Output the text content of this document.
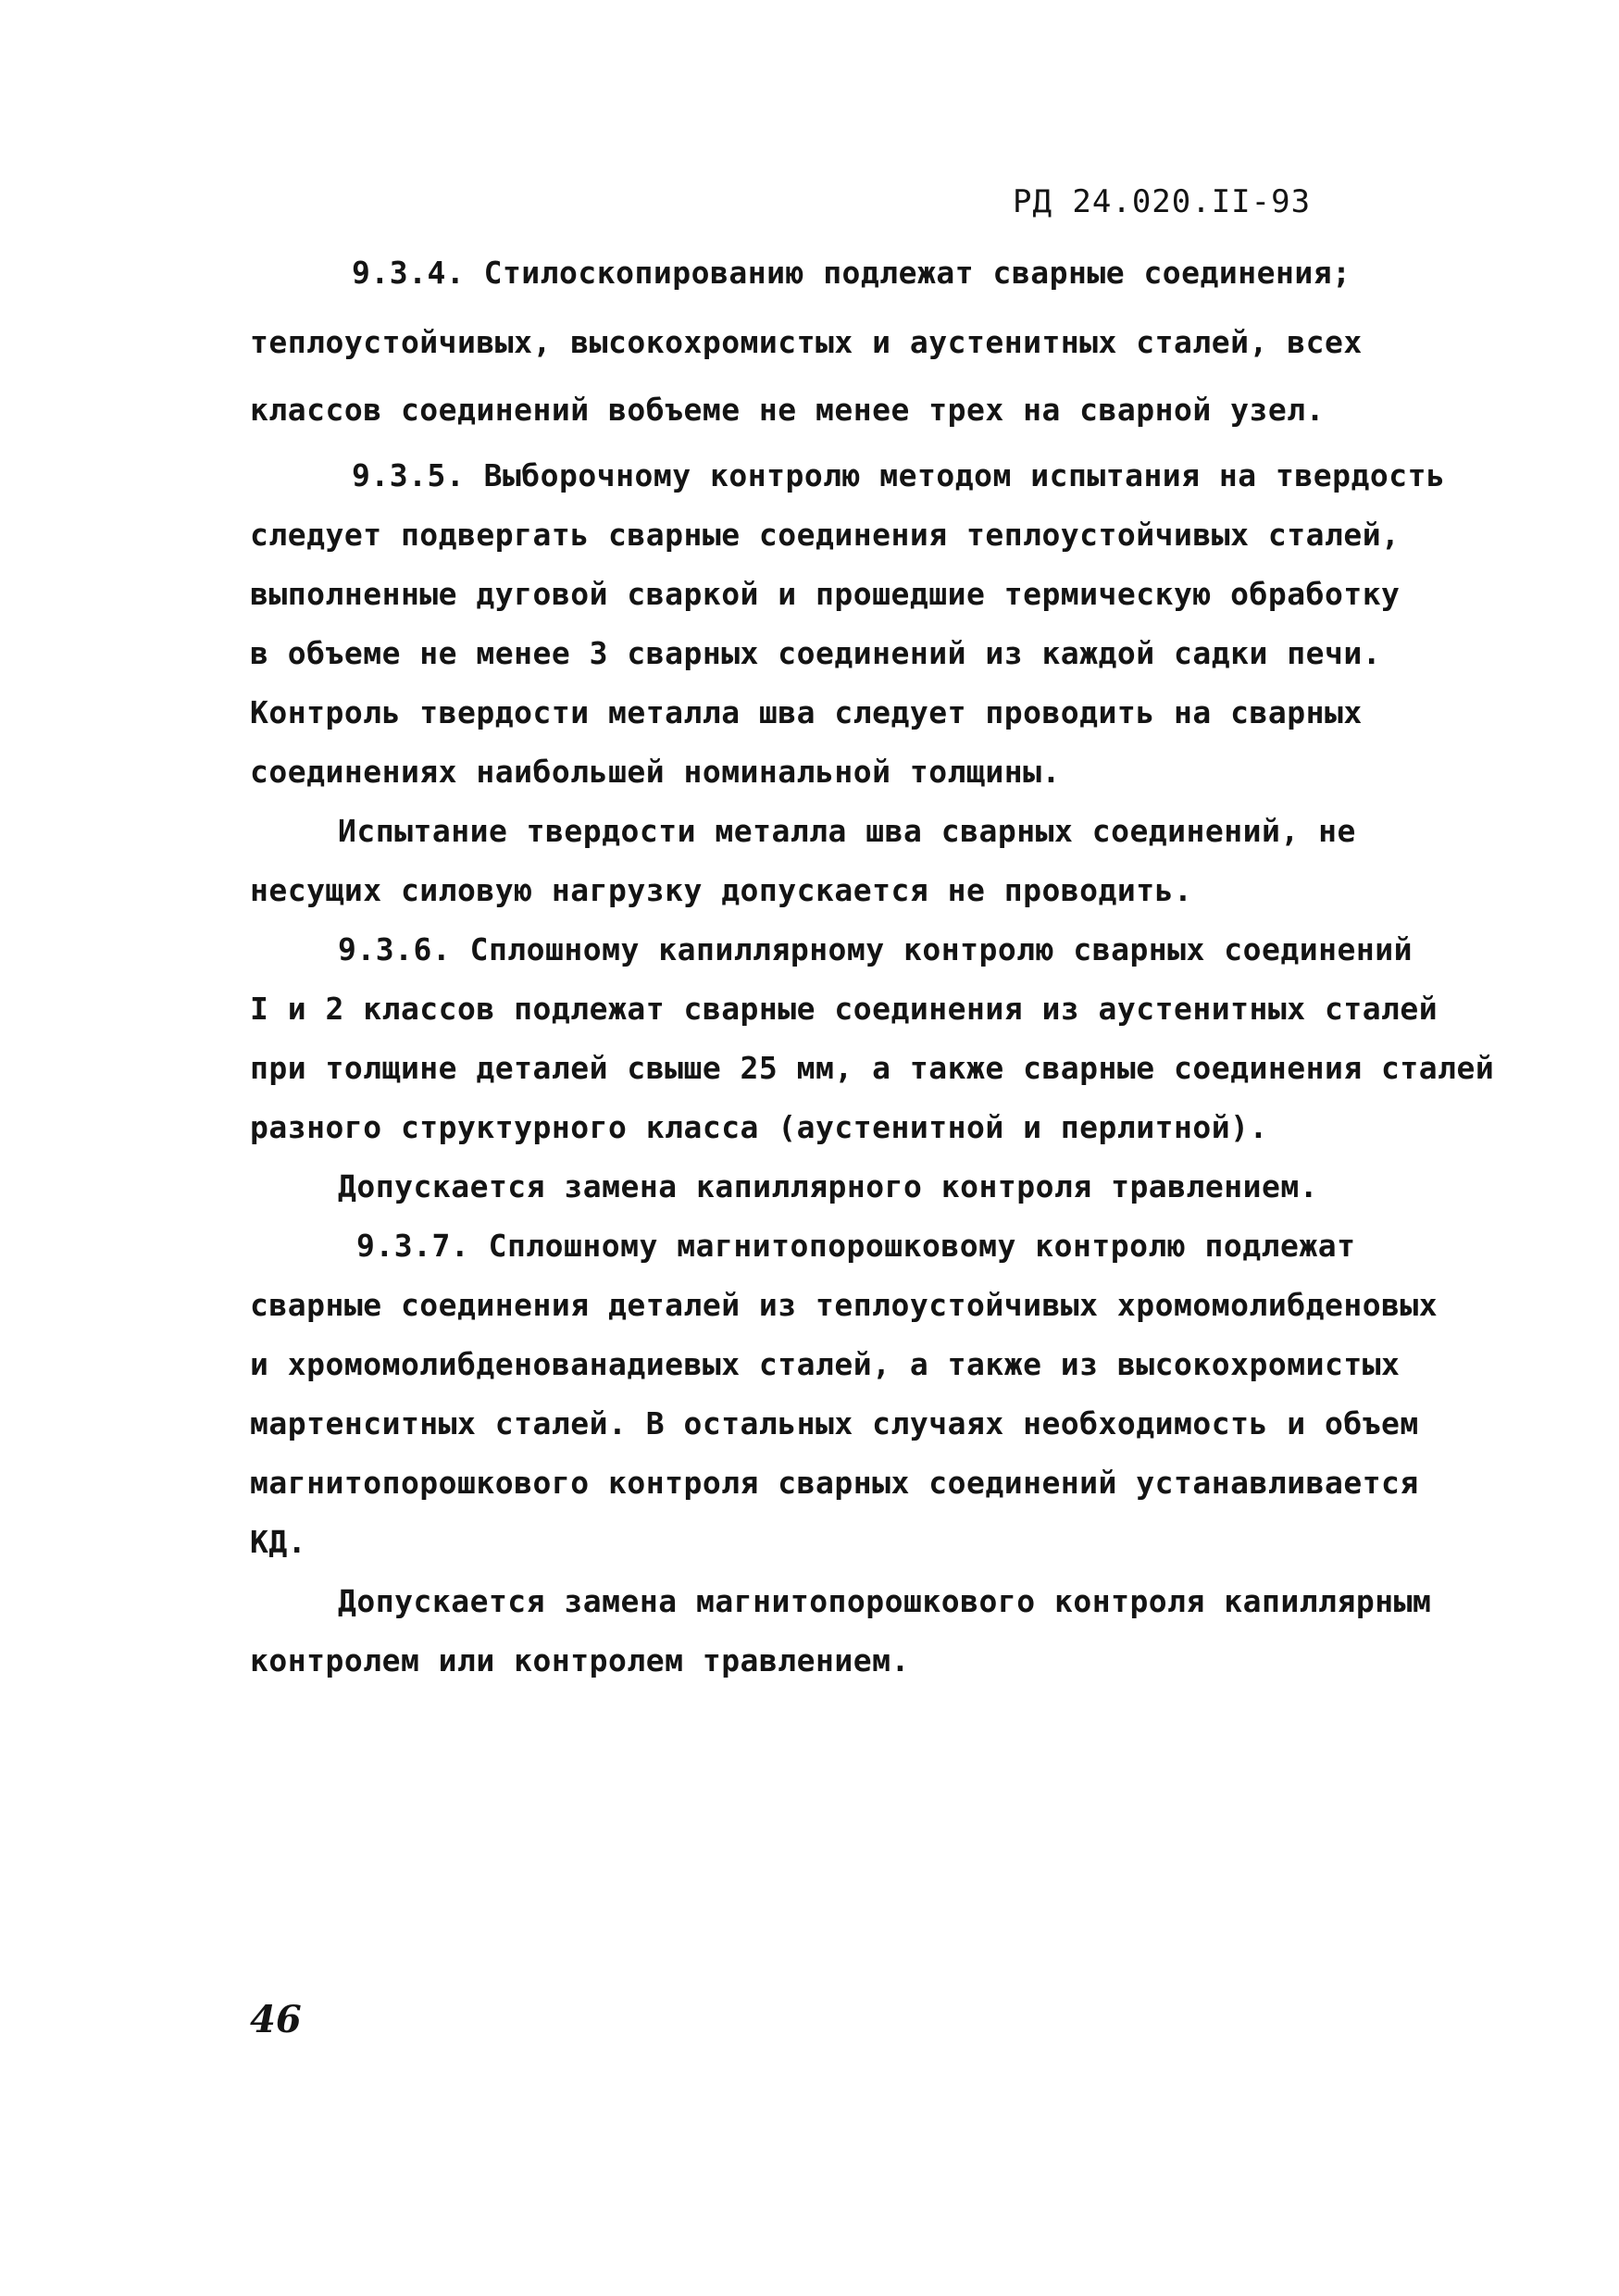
РД 24.020.II-93
9.3.4. Стилоскопированию подлежат сварные соединения;
теплоустойчивых, высокохромистых и аустенитных сталей, всех
классов соединений вобъеме не менее трех на сварной узел.
9.3.5. Выборочному контролю методом испытания на твердость
следует подвергать сварные соединения теплоустойчивых сталей,
выполненные дуговой сваркой и прошедшие термическую обработку
в объеме не менее 3 сварных соединений из каждой садки печи.
Контроль твердости металла шва следует проводить на сварных
соединениях наибольшей номинальной толщины.
Испытание твердости металла шва сварных соединений, не
несущих силовую нагрузку допускается не проводить.
9.3.6. Сплошному капиллярному контролю сварных соединений
I и 2 классов подлежат сварные соединения из аустенитных сталей
при толщине деталей свыше 25 мм, а также сварные соединения сталей
разного структурного класса (аустенитной и перлитной).
Допускается замена капиллярного контроля травлением.
9.3.7. Сплошному магнитопорошковому контролю подлежат
сварные соединения деталей из теплоустойчивых хромомолибденовых
и хромомолибденованадиевых сталей, а также из высокохромистых
мартенситных сталей. В остальных случаях необходимость и объем
магнитопорошкового контроля сварных соединений устанавливается
КД.
Допускается замена магнитопорошкового контроля капиллярным
контролем или контролем травлением.
46
